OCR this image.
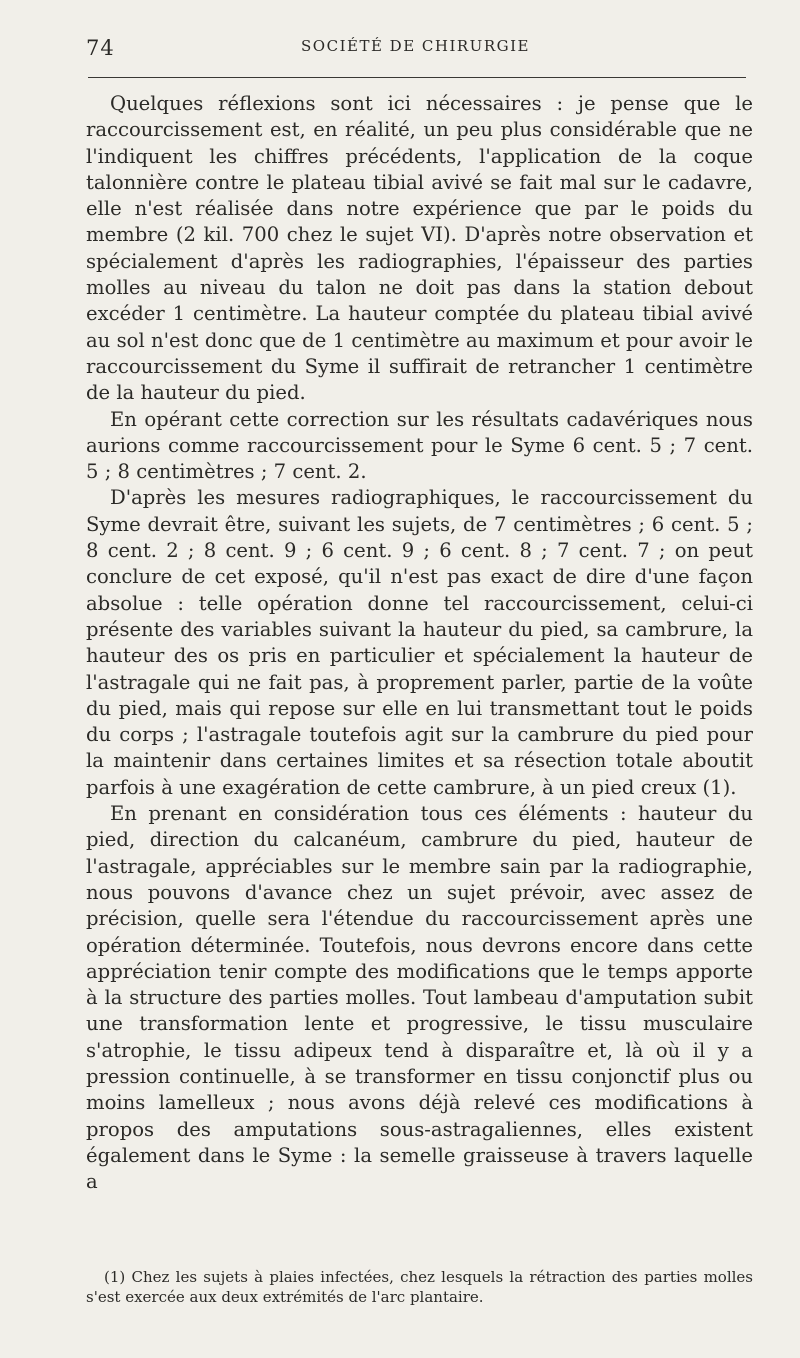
74	SOCIÉTÉ DE CHIRURGIE

Quelques réflexions sont ici nécessaires : je pense que le raccourcissement est, en réalité, un peu plus considérable que ne l'indiquent les chiffres précédents, l'application de la coque talonnière contre le plateau tibial avivé se fait mal sur le cadavre, elle n'est réalisée dans notre expérience que par le poids du membre (2 kil. 700 chez le sujet VI). D'après notre observation et spécialement d'après les radiographies, l'épaisseur des parties molles au niveau du talon ne doit pas dans la station debout excéder 1 centimètre. La hauteur comptée du plateau tibial avivé au sol n'est donc que de 1 centimètre au maximum et pour avoir le raccourcissement du Syme il suffirait de retrancher 1 centimètre de la hauteur du pied.

En opérant cette correction sur les résultats cadavériques nous aurions comme raccourcissement pour le Syme 6 cent. 5 ; 7 cent. 5 ; 8 centimètres ; 7 cent. 2.

D'après les mesures radiographiques, le raccourcissement du Syme devrait être, suivant les sujets, de 7 centimètres ; 6 cent. 5 ; 8 cent. 2 ; 8 cent. 9 ; 6 cent. 9 ; 6 cent. 8 ; 7 cent. 7 ; on peut conclure de cet exposé, qu'il n'est pas exact de dire d'une façon absolue : telle opération donne tel raccourcissement, celui-ci présente des variables suivant la hauteur du pied, sa cambrure, la hauteur des os pris en particulier et spécialement la hauteur de l'astragale qui ne fait pas, à proprement parler, partie de la voûte du pied, mais qui repose sur elle en lui transmettant tout le poids du corps ; l'astragale toutefois agit sur la cambrure du pied pour la maintenir dans certaines limites et sa résection totale aboutit parfois à une exagération de cette cambrure, à un pied creux (1).

En prenant en considération tous ces éléments : hauteur du pied, direction du calcanéum, cambrure du pied, hauteur de l'astragale, appréciables sur le membre sain par la radiographie, nous pouvons d'avance chez un sujet prévoir, avec assez de précision, quelle sera l'étendue du raccourcissement après une opération déterminée. Toutefois, nous devrons encore dans cette appréciation tenir compte des modifications que le temps apporte à la structure des parties molles. Tout lambeau d'amputation subit une transformation lente et progressive, le tissu musculaire s'atrophie, le tissu adipeux tend à disparaître et, là où il y a pression continuelle, à se transformer en tissu conjonctif plus ou moins lamelleux ; nous avons déjà relevé ces modifications à propos des amputations sous-astragaliennes, elles existent également dans le Syme : la semelle graisseuse à travers laquelle a

(1) Chez les sujets à plaies infectées, chez lesquels la rétraction des parties molles s'est exercée aux deux extrémités de l'arc plantaire.
